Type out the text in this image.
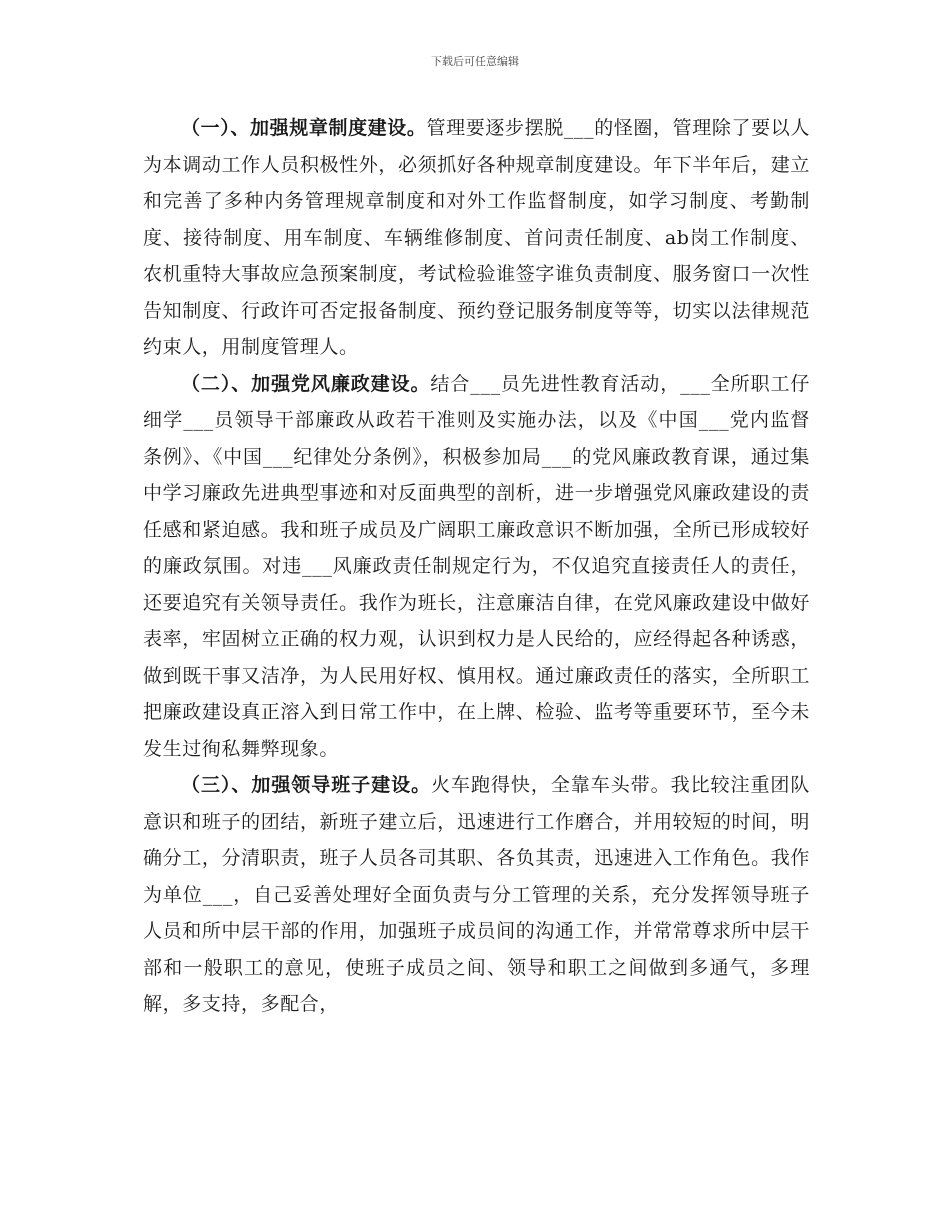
下载后可任意编辑

（一）、加强规章制度建设。管理要逐步摆脱___的怪圈，管理除了要以人为本调动工作人员积极性外，必须抓好各种规章制度建设。年下半年后，建立和完善了多种内务管理规章制度和对外工作监督制度，如学习制度、考勤制度、接待制度、用车制度、车辆维修制度、首问责任制度、ab岗工作制度、农机重特大事故应急预案制度，考试检验谁签字谁负责制度、服务窗口一次性告知制度、行政许可否定报备制度、预约登记服务制度等等，切实以法律规范约束人，用制度管理人。

（二）、加强党风廉政建设。结合___员先进性教育活动，___全所职工仔细学___员领导干部廉政从政若干准则及实施办法，以及《中国___党内监督条例》、《中国___纪律处分条例》，积极参加局___的党风廉政教育课，通过集中学习廉政先进典型事迹和对反面典型的剖析，进一步增强党风廉政建设的责任感和紧迫感。我和班子成员及广阔职工廉政意识不断加强，全所已形成较好的廉政氛围。对违___风廉政责任制规定行为，不仅追究直接责任人的责任，还要追究有关领导责任。我作为班长，注意廉洁自律，在党风廉政建设中做好表率，牢固树立正确的权力观，认识到权力是人民给的，应经得起各种诱惑，做到既干事又洁净，为人民用好权、慎用权。通过廉政责任的落实，全所职工把廉政建设真正溶入到日常工作中，在上牌、检验、监考等重要环节，至今未发生过徇私舞弊现象。

（三）、加强领导班子建设。火车跑得快，全靠车头带。我比较注重团队意识和班子的团结，新班子建立后，迅速进行工作磨合，并用较短的时间，明确分工，分清职责，班子人员各司其职、各负其责，迅速进入工作角色。我作为单位___，自己妥善处理好全面负责与分工管理的关系，充分发挥领导班子人员和所中层干部的作用，加强班子成员间的沟通工作，并常常尊求所中层干部和一般职工的意见，使班子成员之间、领导和职工之间做到多通气，多理解，多支持，多配合，
